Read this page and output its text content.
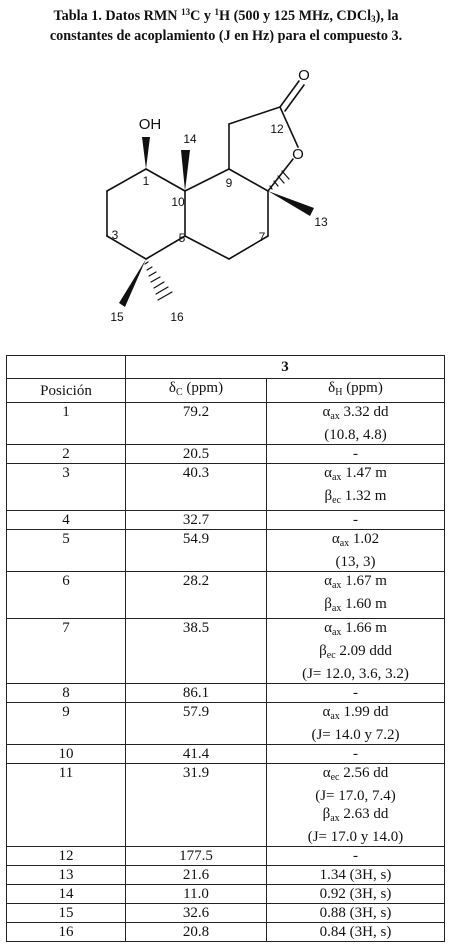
Tabla 1. Datos RMN $^{13}$C y $^1$H (500 y 125 MHz, CDCl$_3$), la
constantes de acoplamiento (J en Hz) para el compuesto 3.
OH
O
O
1
3	5	7
9
10
12
13
14
15	16
	3	
Posición	$\delta_C$ (ppm)	$\delta_H$ (ppm)
1	79.2	$\alpha_{ax}$ 3.32 dd
(10.8, 4.8)

2	20.5	-

3	40.3	$\alpha_{ax}$ 1.47 m
$\beta_{ec}$ 1.32 m

4	32.7	-

5	54.9	$\alpha_{ax}$ 1.02
(13, 3)

6	28.2	$\alpha_{ax}$ 1.67 m
$\beta_{ax}$ 1.60 m

7	38.5	$\alpha_{ax}$ 1.66 m
$\beta_{ec}$ 2.09 ddd
(J= 12.0, 3.6, 3.2)

8	86.1	-

9	57.9	$\alpha_{ax}$ 1.99 dd
(J= 14.0 y 7.2)

10	41.4	-

11	31.9	$\alpha_{ec}$ 2.56 dd
(J= 17.0, 7.4)
$\beta_{ax}$ 2.63 dd
(J= 17.0 y 14.0)

12	177.5	-

13	21.6	1.34 (3H, s)

14	11.0	0.92 (3H, s)

15	32.6	0.88 (3H, s)

16	20.8	0.84 (3H, s)
